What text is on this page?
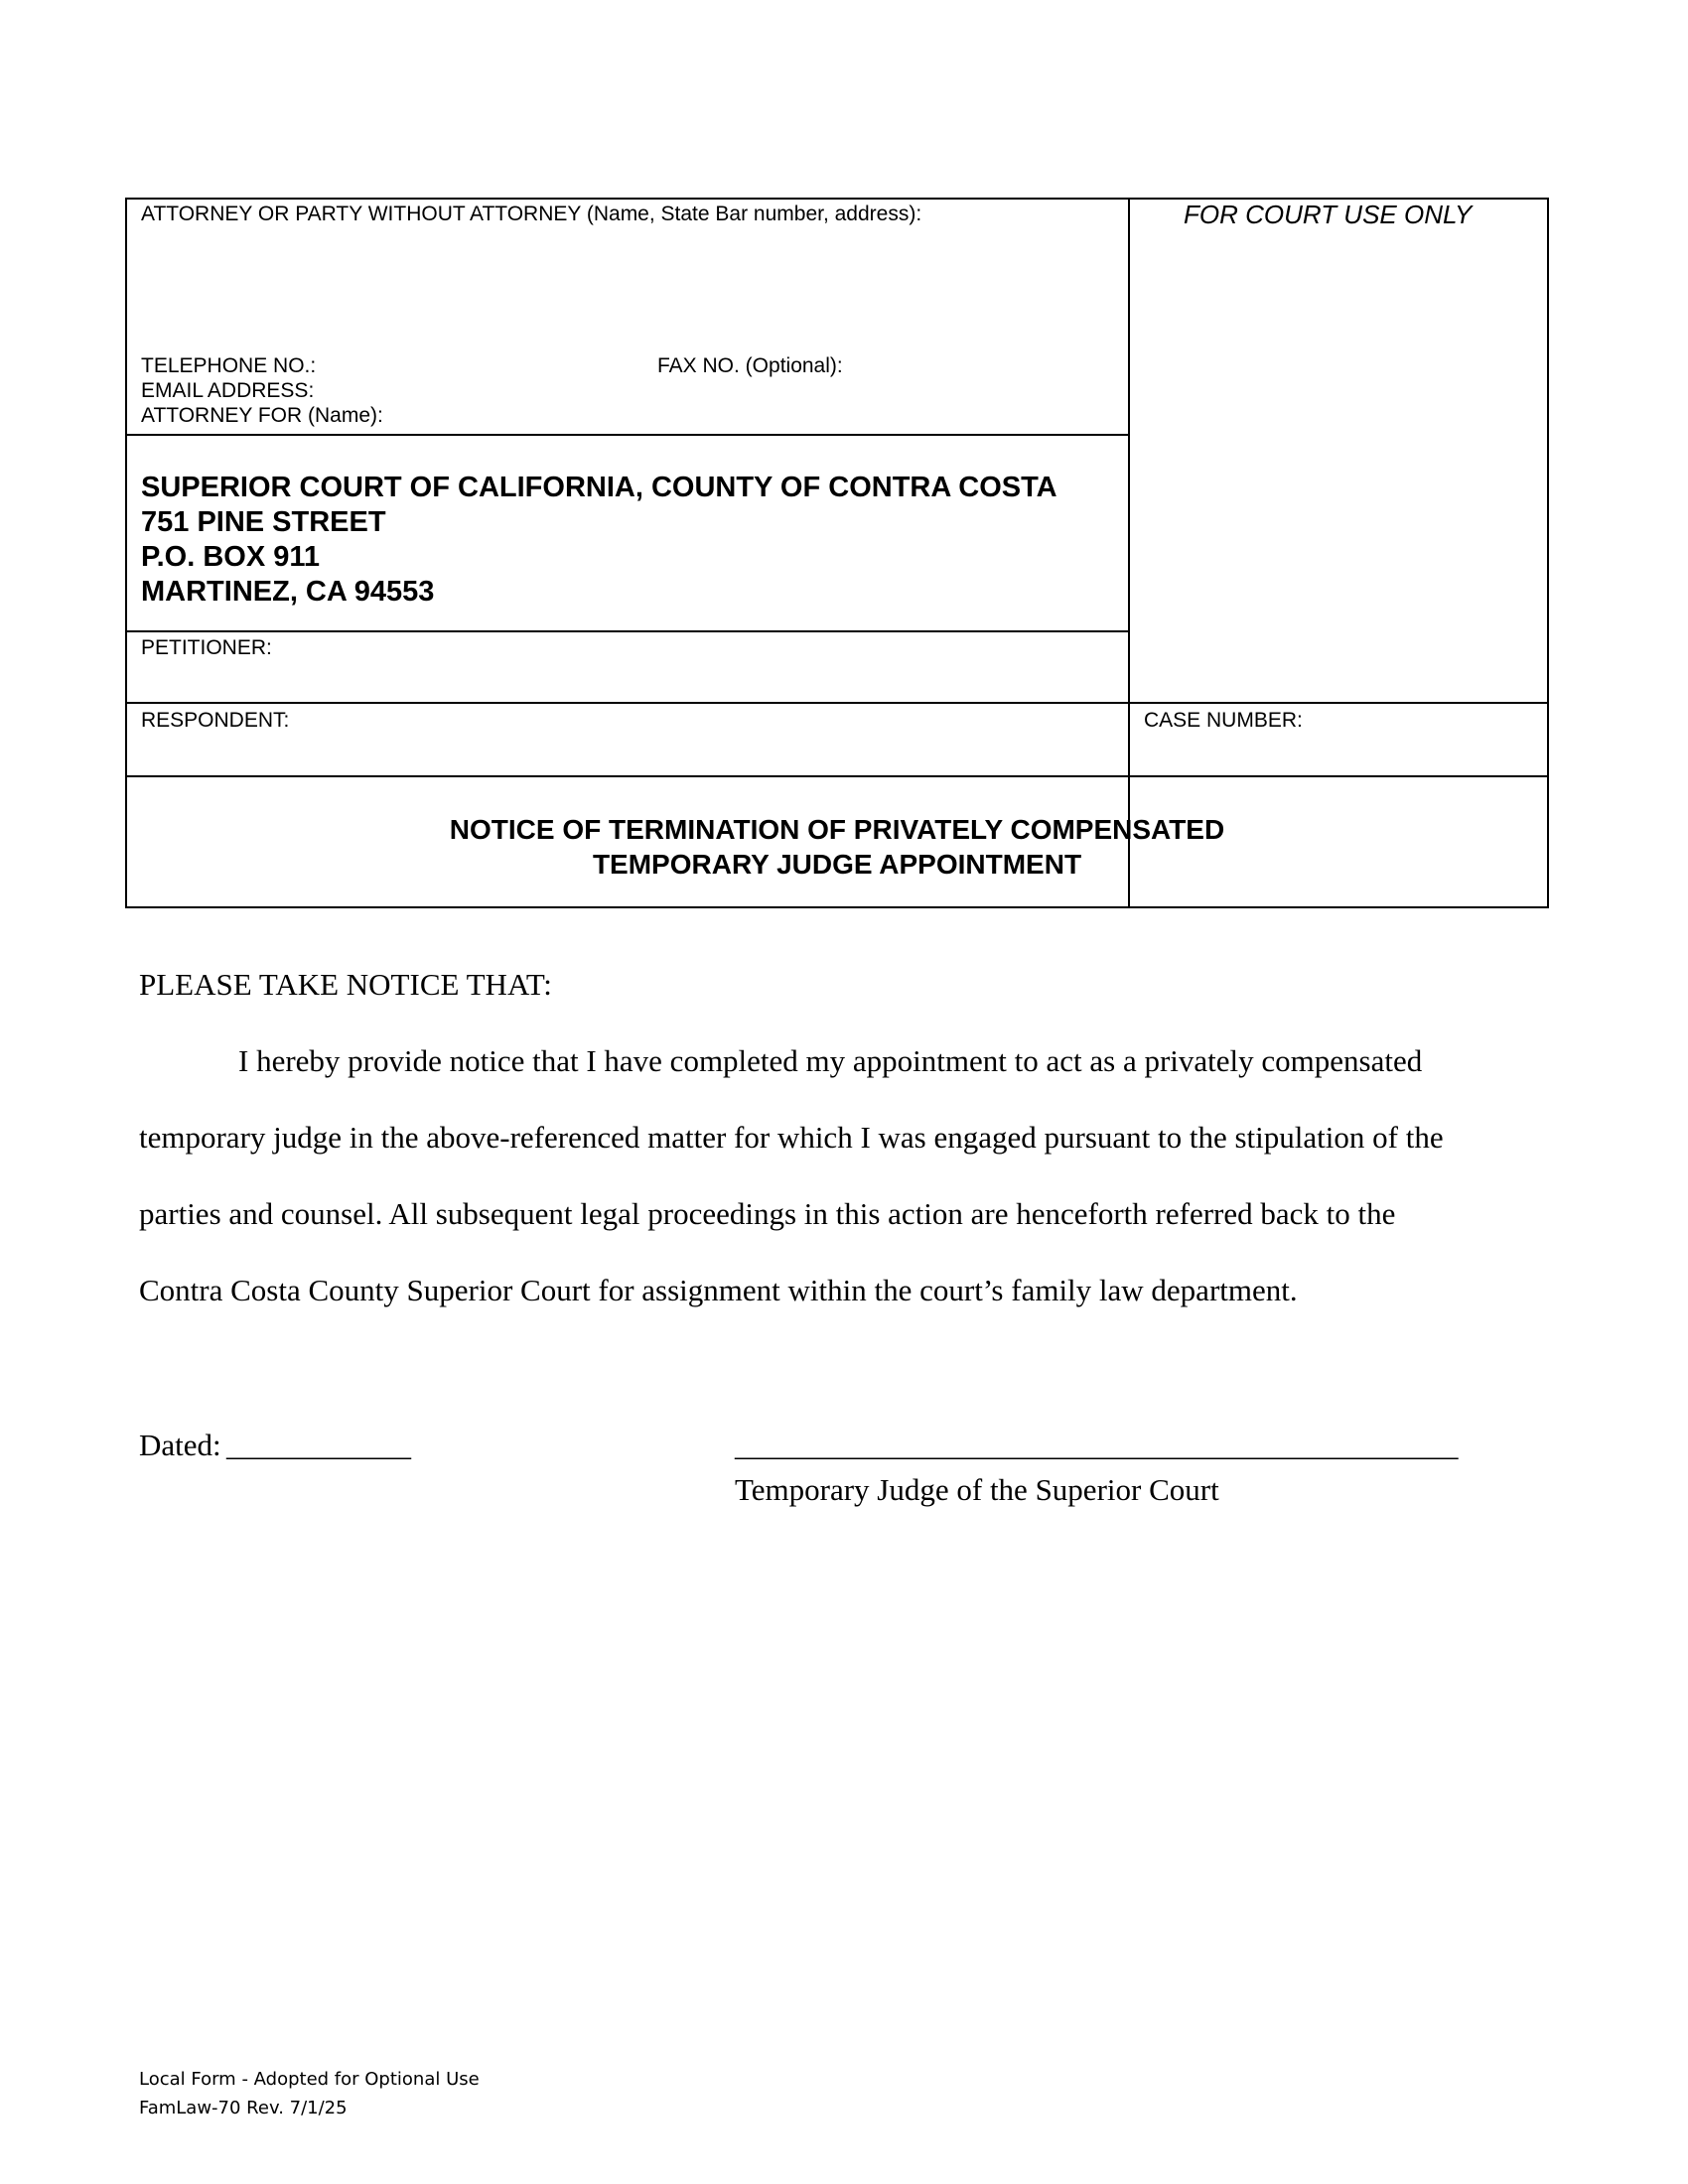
ATTORNEY OR PARTY WITHOUT ATTORNEY (Name, State Bar number, address):
TELEPHONE NO.:	FAX NO. (Optional):
EMAIL ADDRESS:
ATTORNEY FOR (Name):
FOR COURT USE ONLY
SUPERIOR COURT OF CALIFORNIA, COUNTY OF CONTRA COSTA
751 PINE STREET
P.O. BOX 911
MARTINEZ, CA 94553
PETITIONER:
RESPONDENT:	CASE NUMBER:
NOTICE OF TERMINATION OF PRIVATELY COMPENSATED
TEMPORARY JUDGE APPOINTMENT
PLEASE TAKE NOTICE THAT:
I hereby provide notice that I have completed my appointment to act as a privately compensated
temporary judge in the above-referenced matter for which I was engaged pursuant to the stipulation of the
parties and counsel. All subsequent legal proceedings in this action are henceforth referred back to the
Contra Costa County Superior Court for assignment within the court’s family law department.
Dated: ____________	_______________________________________________
Temporary Judge of the Superior Court
Local Form - Adopted for Optional Use
FamLaw-70 Rev. 7/1/25
